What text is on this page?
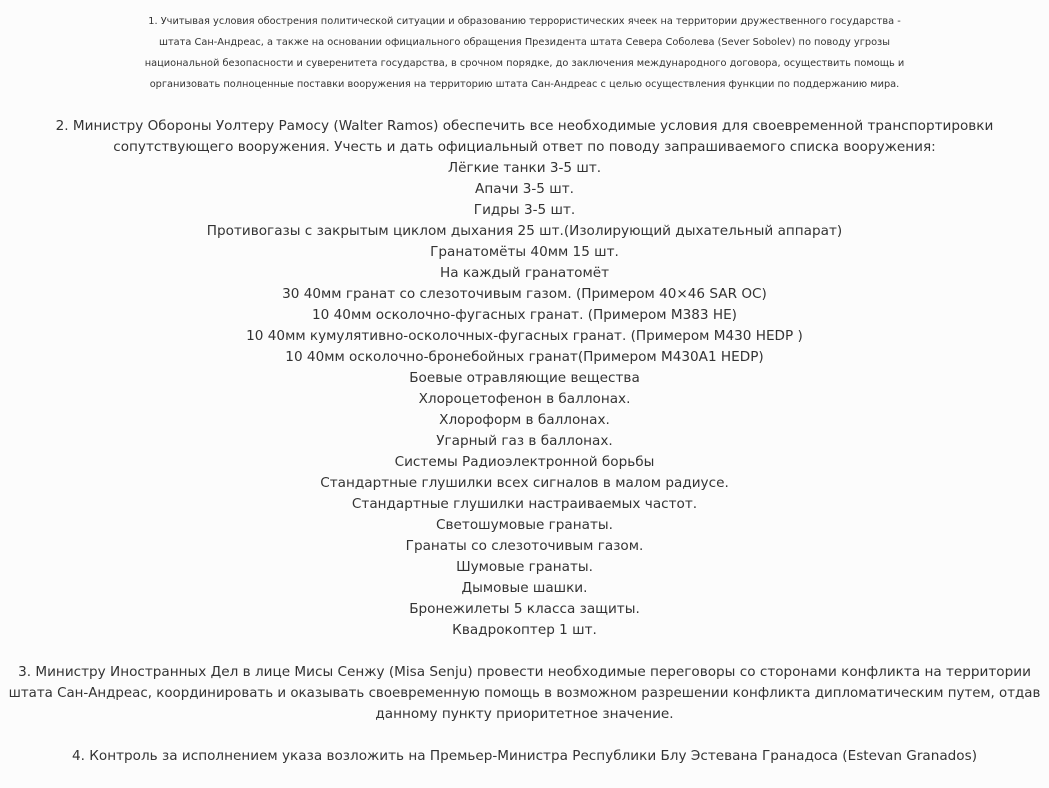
1. Учитывая условия обострения политической ситуации и образованию террористических ячеек на территории дружественного государства -
штата Сан-Андреас, а также на основании официального обращения Президента штата Севера Соболева (Sever Sobolev) по поводу угрозы
национальной безопасности и суверенитета государства, в срочном порядке, до заключения международного договора, осуществить помощь и
организовать полноценные поставки вооружения на территорию штата Сан-Андреас с целью осуществления функции по поддержанию мира.
2. Министру Обороны Уолтеру Рамосу (Walter Ramos) обеспечить все необходимые условия для своевременной транспортировки
сопутствующего вооружения. Учесть и дать официальный ответ по поводу запрашиваемого списка вооружения:
Лёгкие танки 3-5 шт.
Апачи 3-5 шт.
Гидры 3-5 шт.
Противогазы с закрытым циклом дыхания 25 шт.(Изолирующий дыхательный аппарат)
Гранатомёты 40мм 15 шт.
На каждый гранатомёт
30 40мм гранат со слезоточивым газом. (Примером 40×46 SAR OC)
10 40мм осколочно-фугасных гранат. (Примером M383 HE)
10 40мм кумулятивно-осколочных-фугасных гранат. (Примером M430 HEDP )
10 40мм осколочно-бронебойных гранат(Примером M430A1 HEDP)
Боевые отравляющие вещества
Хлороцетофенон в баллонах.
Хлороформ в баллонах.
Угарный газ в баллонах.
Системы Радиоэлектронной борьбы
Стандартные глушилки всех сигналов в малом радиусе.
Стандартные глушилки настраиваемых частот.
Светошумовые гранаты.
Гранаты со слезоточивым газом.
Шумовые гранаты.
Дымовые шашки.
Бронежилеты 5 класса защиты.
Квадрокоптер 1 шт.
3. Министру Иностранных Дел в лице Мисы Сенжу (Misa Senju) провести необходимые переговоры со сторонами конфликта на территории
штата Сан-Андреас, координировать и оказывать своевременную помощь в возможном разрешении конфликта дипломатическим путем, отдав
данному пункту приоритетное значение.
4. Контроль за исполнением указа возложить на Премьер-Министра Республики Блу Эстевана Гранадоса (Estevan Granados)
